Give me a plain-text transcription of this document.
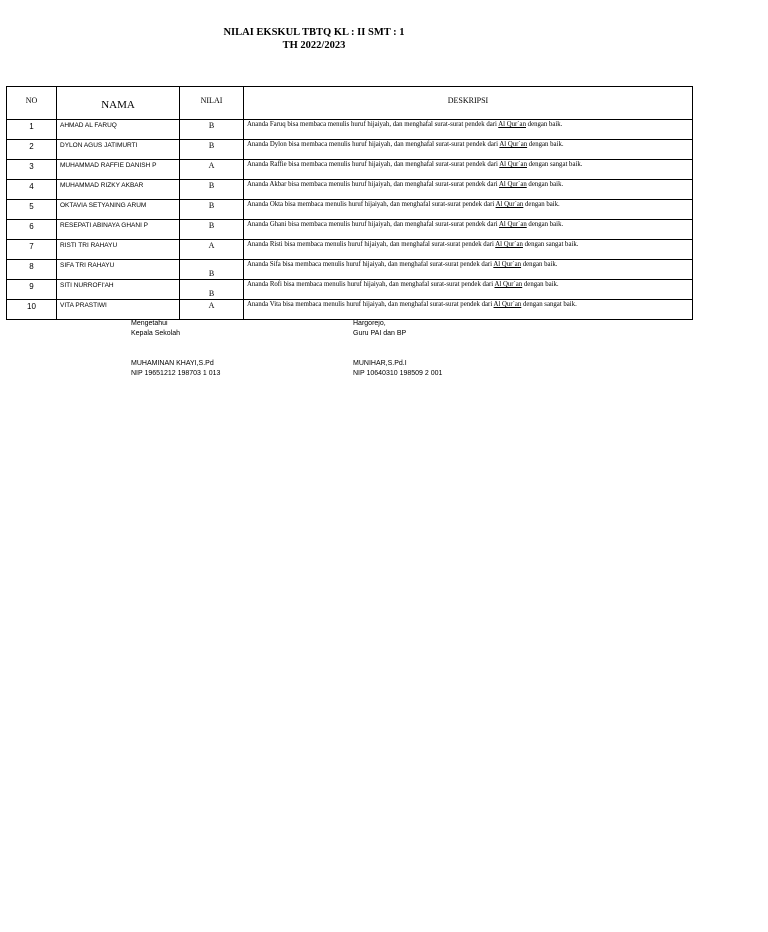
NILAI EKSKUL TBTQ KL : II SMT : 1
TH 2022/2023
NO	NAMA	NILAI	DESKRIPSI
1	AHMAD AL FARUQ	B	Ananda Faruq bisa membaca menulis huruf hijaiyah, dan menghafal surat-surat pendek dari Al Qur`an dengan baik.
2	DYLON AGUS JATIMURTI	B	Ananda Dylon bisa membaca menulis huruf hijaiyah, dan menghafal surat-surat pendek dari Al Qur`an dengan baik.
3	MUHAMMAD RAFFIE DANISH P	A	Ananda Raffie bisa membaca menulis huruf hijaiyah, dan menghafal surat-surat pendek dari Al Qur`an dengan sangat baik.
4	MUHAMMAD RIZKY AKBAR	B	Ananda Akbar bisa membaca menulis huruf hijaiyah, dan menghafal surat-surat pendek dari Al Qur`an dengan baik.
5	OKTAVIA SETYANING ARUM	B	Ananda Okta bisa membaca menulis huruf hijaiyah, dan menghafal surat-surat pendek dari Al Qur`an dengan baik.
6	RESEPATI ABINAYA GHANI P	B	Ananda Ghani bisa membaca menulis huruf hijaiyah, dan menghafal surat-surat pendek dari Al Qur`an dengan baik.
7	RISTI TRI RAHAYU	A	Ananda Risti bisa membaca menulis huruf hijaiyah, dan menghafal surat-surat pendek dari Al Qur`an dengan sangat baik.
8	SIFA TRI RAHAYU	B	Ananda Sifa bisa membaca menulis huruf hijaiyah, dan menghafal surat-surat pendek dari Al Qur`an dengan baik.
9	SITI NURROFI'AH	B	Ananda Rofi bisa membaca menulis huruf hijaiyah, dan menghafal surat-surat pendek dari Al Qur`an dengan baik.
10	VITA PRASTIWI	A	Ananda Vita bisa membaca menulis huruf hijaiyah, dan menghafal surat-surat pendek dari Al Qur`an dengan sangat baik.
Mengetahui
Kepala Sekolah
MUHAMINAN KHAYI,S.Pd
NIP 19651212 198703 1 013
Hargorejo,
Guru PAI dan BP
MUNIHAR,S.Pd.I
NIP 10640310 198509 2 001
